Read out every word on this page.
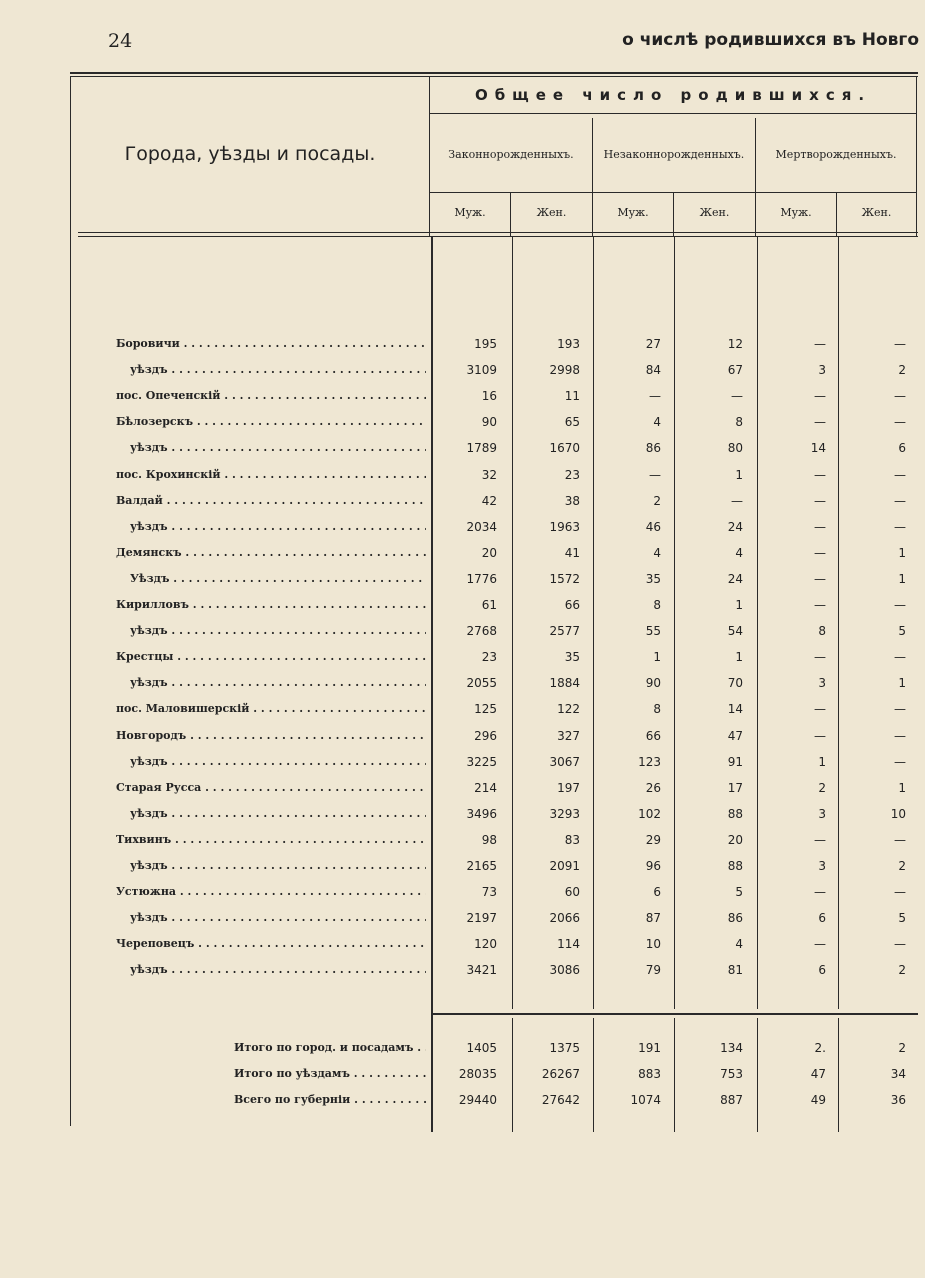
24	о числѣ родившихся въ Новго
Общее число родившихся.
Города, уѣзды и посады.	Законнорожденныхъ.	Незаконнорожденныхъ.	Мертворожденныхъ.
Муж.	Жен.	Муж.	Жен.	Муж.	Жен.
Боровичи . . .	195	193	27	12	—	—
уѣздъ . . .	3109	2998	84	67	3	2
пос. Опеченскій . . .	16	11	—	—	—	—
Бѣлозерскъ . . .	90	65	4	8	—	—
уѣздъ . . .	1789	1670	86	80	14	6
пос. Крохинскій . . .	32	23	—	1	—	—
Валдай . . .	42	38	2	—	—	—
уѣздъ . . .	2034	1963	46	24	—	—
Демянскъ . . .	20	41	4	4	—	1
Уѣздъ . . .	1776	1572	35	24	—	1
Кирилловъ . . .	61	66	8	1	—	—
уѣздъ . . .	2768	2577	55	54	8	5
Крестцы . . .	23	35	1	1	—	—
уѣздъ . . .	2055	1884	90	70	3	1
пос. Маловишерскій . . .	125	122	8	14	—	—
Новгородъ . . .	296	327	66	47	—	—
уѣздъ . . .	3225	3067	123	91	1	—
Старая Русса . . .	214	197	26	17	2	1
уѣздъ . . .	3496	3293	102	88	3	10
Тихвинъ . . .	98	83	29	20	—	—
уѣздъ . . .	2165	2091	96	88	3	2
Устюжна . . .	73	60	6	5	—	—
уѣздъ . . .	2197	2066	87	86	6	5
Череповецъ . . .	120	114	10	4	—	—
уѣздъ . . .	3421	3086	79	81	6	2
Итого по город. и посадамъ . . .	1405	1375	191	134	2.	2
Итого по уѣздамъ . . .	28035	26267	883	753	47	34
Всего по губерніи . . .	29440	27642	1074	887	49	36
